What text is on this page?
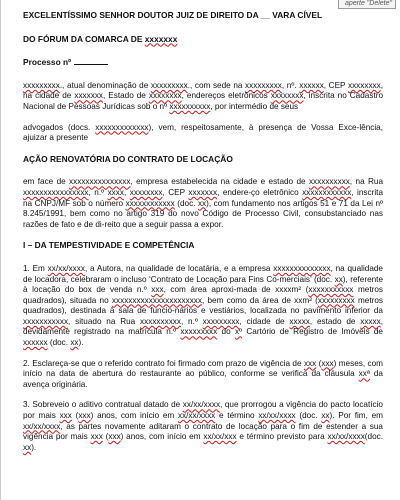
aperte "Delete"

EXCELENTÍSSIMO SENHOR DOUTOR JUIZ DE DIREITO DA __ VARA CÍVEL

DO FÓRUM DA COMARCA DE xxxxxxx

Processo nº

xxxxxxxxx., atual denominação de xxxxxxxxx., com sede na xxxxxxxxx, nº. xxxxxx, CEP xxxxxxxx, na cidade de xxxxxxx, Estado de xxxxxxxx, endereços eletrônicos xxxxxxxx, inscrita no Cadastro Nacional de Pessoas Jurídicas sob o nº xxxxxxxxxx, por intermédio de seus

advogados (docs. xxxxxxxxxxxxx), vem, respeitosamente, à presença de Vossa Exce-lência, ajuizar a presente

AÇÃO RENOVATÓRIA DO CONTRATO DE LOCAÇÃO

em face de xxxxxxxxxxxxxxx, empresa estabelecida na cidade e estado de xxxxxxxxxx, na Rua xxxxxxxxxxxxxxxx, n.º xxxx, xxxxxxxx, CEP xxxxxxx, endere-ço eletrônico xxxxxxxxxxxx, inscrita na CNPJ/MF sob o número xxxxxxxxxxxx (doc. xx), com fundamento nos artigos 51 e 71 da Lei nº 8.245/1991, bem como no artigo 319 do novo Código de Processo Civil, consubstanciado nas razões de fato e de di-reito que a seguir passa a expor.

I – DA TEMPESTIVIDADE E COMPETÊNCIA

1. Em xx/xx/xxxx, a Autora, na qualidade de locatária, e a empresa xxxxxxxxxxxxxx, na qualidade de locadora, celebraram o incluso ‘Contrato de Locação para Fins Co-merciais’ (doc. xx), referente à locação do box de venda n.º xxx, com área aproxi-mada de xxxxm² (xxxxxxxxxxx metros quadrados), situada no xxxxxxxxxxxxxxxxxxxxxx, bem como da área de xxm² (xxxxxxxxx metros quadrados), destinada à sala de funcio-nários e vestiários, localizada no pavimento inferior da xxxxxxxxxxx, situado na Rua xxxxxxxxxx, n.º xxxxxxxxx, cidade de xxxxx, estado de xxxxx, devidamente registrado na matrícula n.º xxxxxxxxx do xº Cartório de Registro de Imóveis de xxxxxx (doc. xx).

2. Esclareça-se que o referido contrato foi firmado com prazo de vigência de xxx (xxx) meses, com início na data de abertura do restaurante ao público, conforme se verifica da cláusula xxª da avença originária.

3. Sobreveio o aditivo contratual datado de xx/xx/xxxx, que prorrogou a vigência do pacto locatício por mais xxx (xxx) anos, com início em xx/xx/xxxx e término xx/xx/xxxx (doc. xx). Por fim, em xx/xx/xxxx, as partes novamente aditaram o contrato de locação para o fim de estender a sua vigência por mais xxx (xxx) anos, com início em xx/xx/xxx e término previsto para xx/xx/xxxx(doc. xx).
